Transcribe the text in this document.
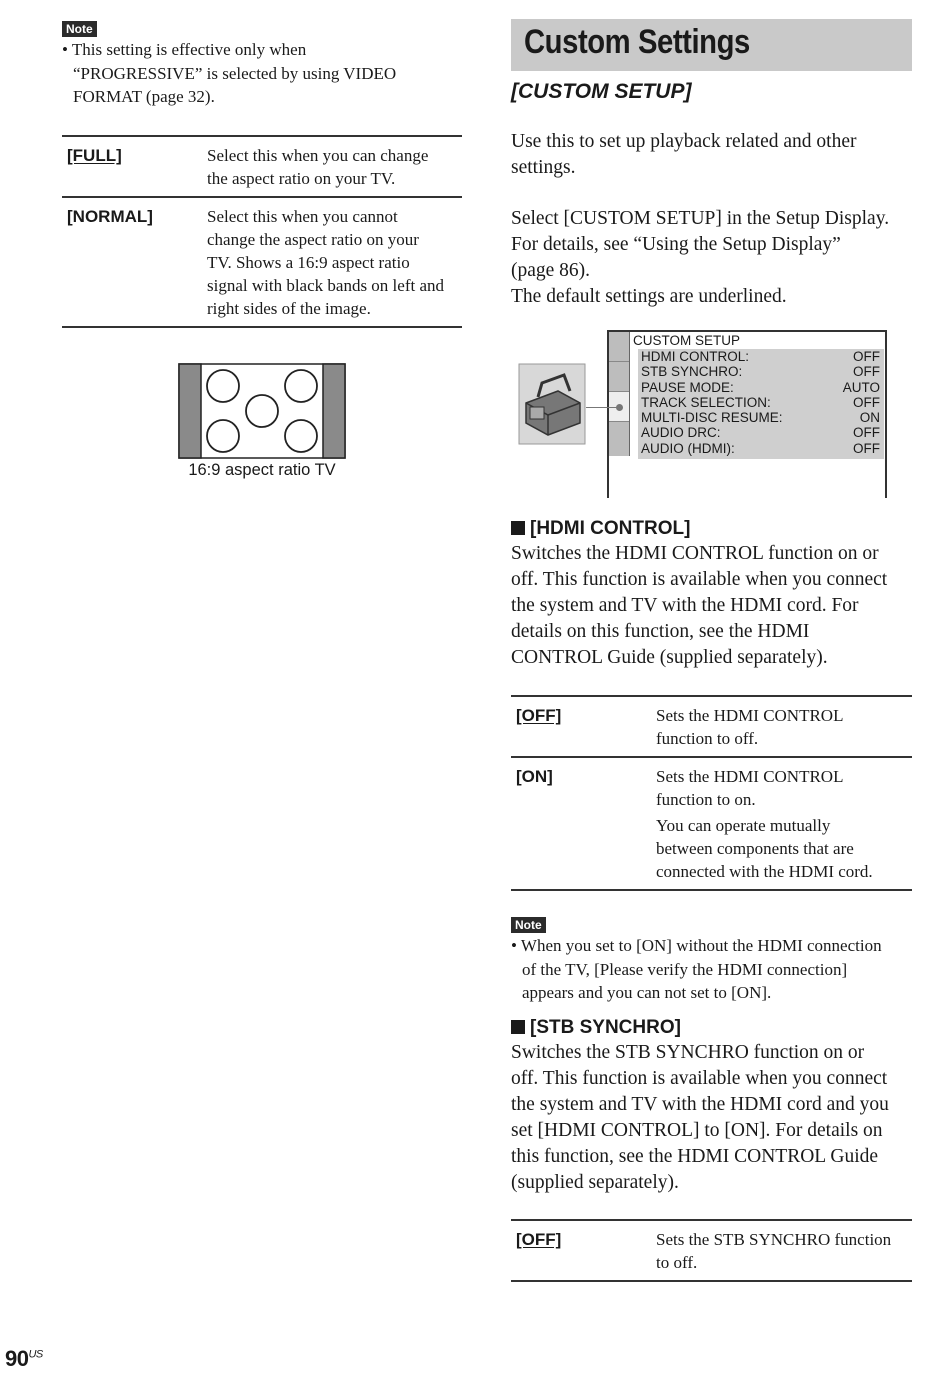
Note
• This setting is effective only when
“PROGRESSIVE” is selected by using VIDEO
FORMAT (page 32).
[FULL]	Select this when you can change
the aspect ratio on your TV.

[NORMAL]	Select this when you cannot
change the aspect ratio on your
TV. Shows a 16:9 aspect ratio
signal with black bands on left and
right sides of the image.
16:9 aspect ratio TV
Custom Settings
[CUSTOM SETUP]
Use this to set up playback related and other
settings.
Select [CUSTOM SETUP] in the Setup Display.
For details, see “Using the Setup Display”
(page 86).
The default settings are underlined.
CUSTOM SETUP
HDMI CONTROL:	OFF
STB SYNCHRO:	OFF
PAUSE MODE:	AUTO
TRACK SELECTION:	OFF
MULTI-DISC RESUME:	ON
AUDIO DRC:	OFF
AUDIO (HDMI):	OFF
[HDMI CONTROL]
Switches the HDMI CONTROL function on or
off. This function is available when you connect
the system and TV with the HDMI cord. For
details on this function, see the HDMI
CONTROL Guide (supplied separately).
[OFF]	Sets the HDMI CONTROL
function to off.

[ON]	Sets the HDMI CONTROL
function to on.
You can operate mutually
between components that are
connected with the HDMI cord.
Note
• When you set to [ON] without the HDMI connection
of the TV, [Please verify the HDMI connection]
appears and you can not set to [ON].
[STB SYNCHRO]
Switches the STB SYNCHRO function on or
off. This function is available when you connect
the system and TV with the HDMI cord and you
set [HDMI CONTROL] to [ON]. For details on
this function, see the HDMI CONTROL Guide
(supplied separately).
[OFF]	Sets the STB SYNCHRO function
to off.
$90^{US}$
